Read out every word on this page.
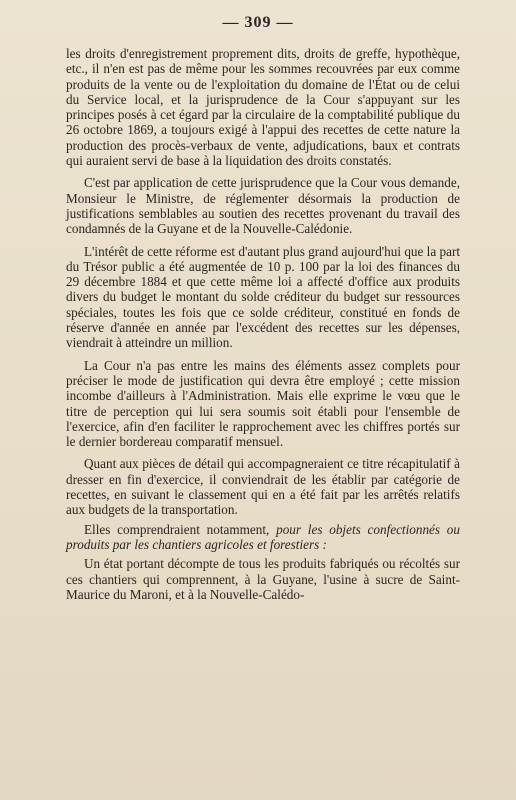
— 309 —

les droits d'enregistrement proprement dits, droits de greffe, hypothèque, etc., il n'en est pas de même pour les sommes recouvrées par eux comme produits de la vente ou de l'exploitation du domaine de l'État ou de celui du Service local, et la jurisprudence de la Cour s'appuyant sur les principes posés à cet égard par la circulaire de la comptabilité publique du 26 octobre 1869, a toujours exigé à l'appui des recettes de cette nature la production des procès-verbaux de vente, adjudications, baux et contrats qui auraient servi de base à la liquidation des droits constatés.

C'est par application de cette jurisprudence que la Cour vous demande, Monsieur le Ministre, de réglementer désormais la production de justifications semblables au soutien des recettes provenant du travail des condamnés de la Guyane et de la Nouvelle-Calédonie.

L'intérêt de cette réforme est d'autant plus grand aujourd'hui que la part du Trésor public a été augmentée de 10 p. 100 par la loi des finances du 29 décembre 1884 et que cette même loi a affecté d'office aux produits divers du budget le montant du solde créditeur du budget sur ressources spéciales, toutes les fois que ce solde créditeur, constitué en fonds de réserve d'année en année par l'excédent des recettes sur les dépenses, viendrait à atteindre un million.

La Cour n'a pas entre les mains des éléments assez complets pour préciser le mode de justification qui devra être employé ; cette mission incombe d'ailleurs à l'Administration. Mais elle exprime le vœu que le titre de perception qui lui sera soumis soit établi pour l'ensemble de l'exercice, afin d'en faciliter le rapprochement avec les chiffres portés sur le dernier bordereau comparatif mensuel.

Quant aux pièces de détail qui accompagneraient ce titre récapitulatif à dresser en fin d'exercice, il conviendrait de les établir par catégorie de recettes, en suivant le classement qui en a été fait par les arrêtés relatifs aux budgets de la transportation.

Elles comprendraient notamment, pour les objets confectionnés ou produits par les chantiers agricoles et forestiers :

Un état portant décompte de tous les produits fabriqués ou récoltés sur ces chantiers qui comprennent, à la Guyane, l'usine à sucre de Saint-Maurice du Maroni, et à la Nouvelle-Calédo-
